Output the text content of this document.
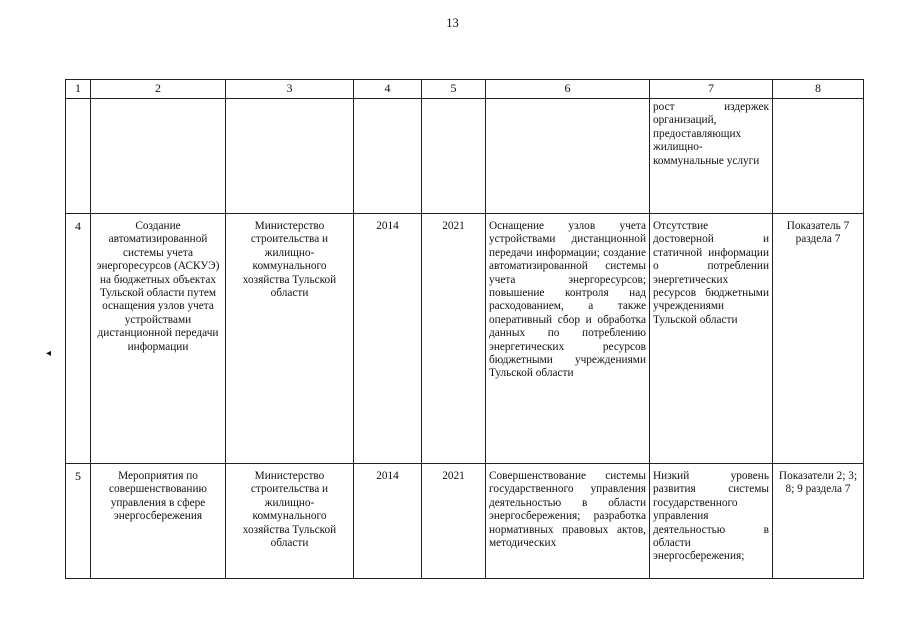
13
◂
1	2	3	4	5	6	7	8
						рост издержек организаций, предоставляющих жилищно-коммунальные услуги	
4	Создание автоматизированной системы учета энергоресурсов (АСКУЭ) на бюджетных объектах Тульской области путем оснащения узлов учета устройствами дистанционной передачи информации	Министерство строительства и жилищно-коммунального хозяйства Тульской области	2014	2021	Оснащение узлов учета устройствами дистанционной передачи информации; создание автоматизированной системы учета энергоресурсов; повышение контроля над расходованием, а также оперативный сбор и обработка данных по потреблению энергетических ресурсов бюджетными учреждениями Тульской области	Отсутствие достоверной и статичной информации о потреблении энергетических ресурсов бюджетными учреждениями Тульской области	Показатель 7 раздела 7
5	Мероприятия по совершенствованию управления в сфере энергосбережения	Министерство строительства и жилищно-коммунального хозяйства Тульской области	2014	2021	Совершенствование системы государственного управления деятельностью в области энергосбережения; разработка нормативных правовых актов, методических	Низкий уровень развития системы государственного управления деятельностью в области энергосбережения;	Показатели 2; 3; 8; 9 раздела 7
